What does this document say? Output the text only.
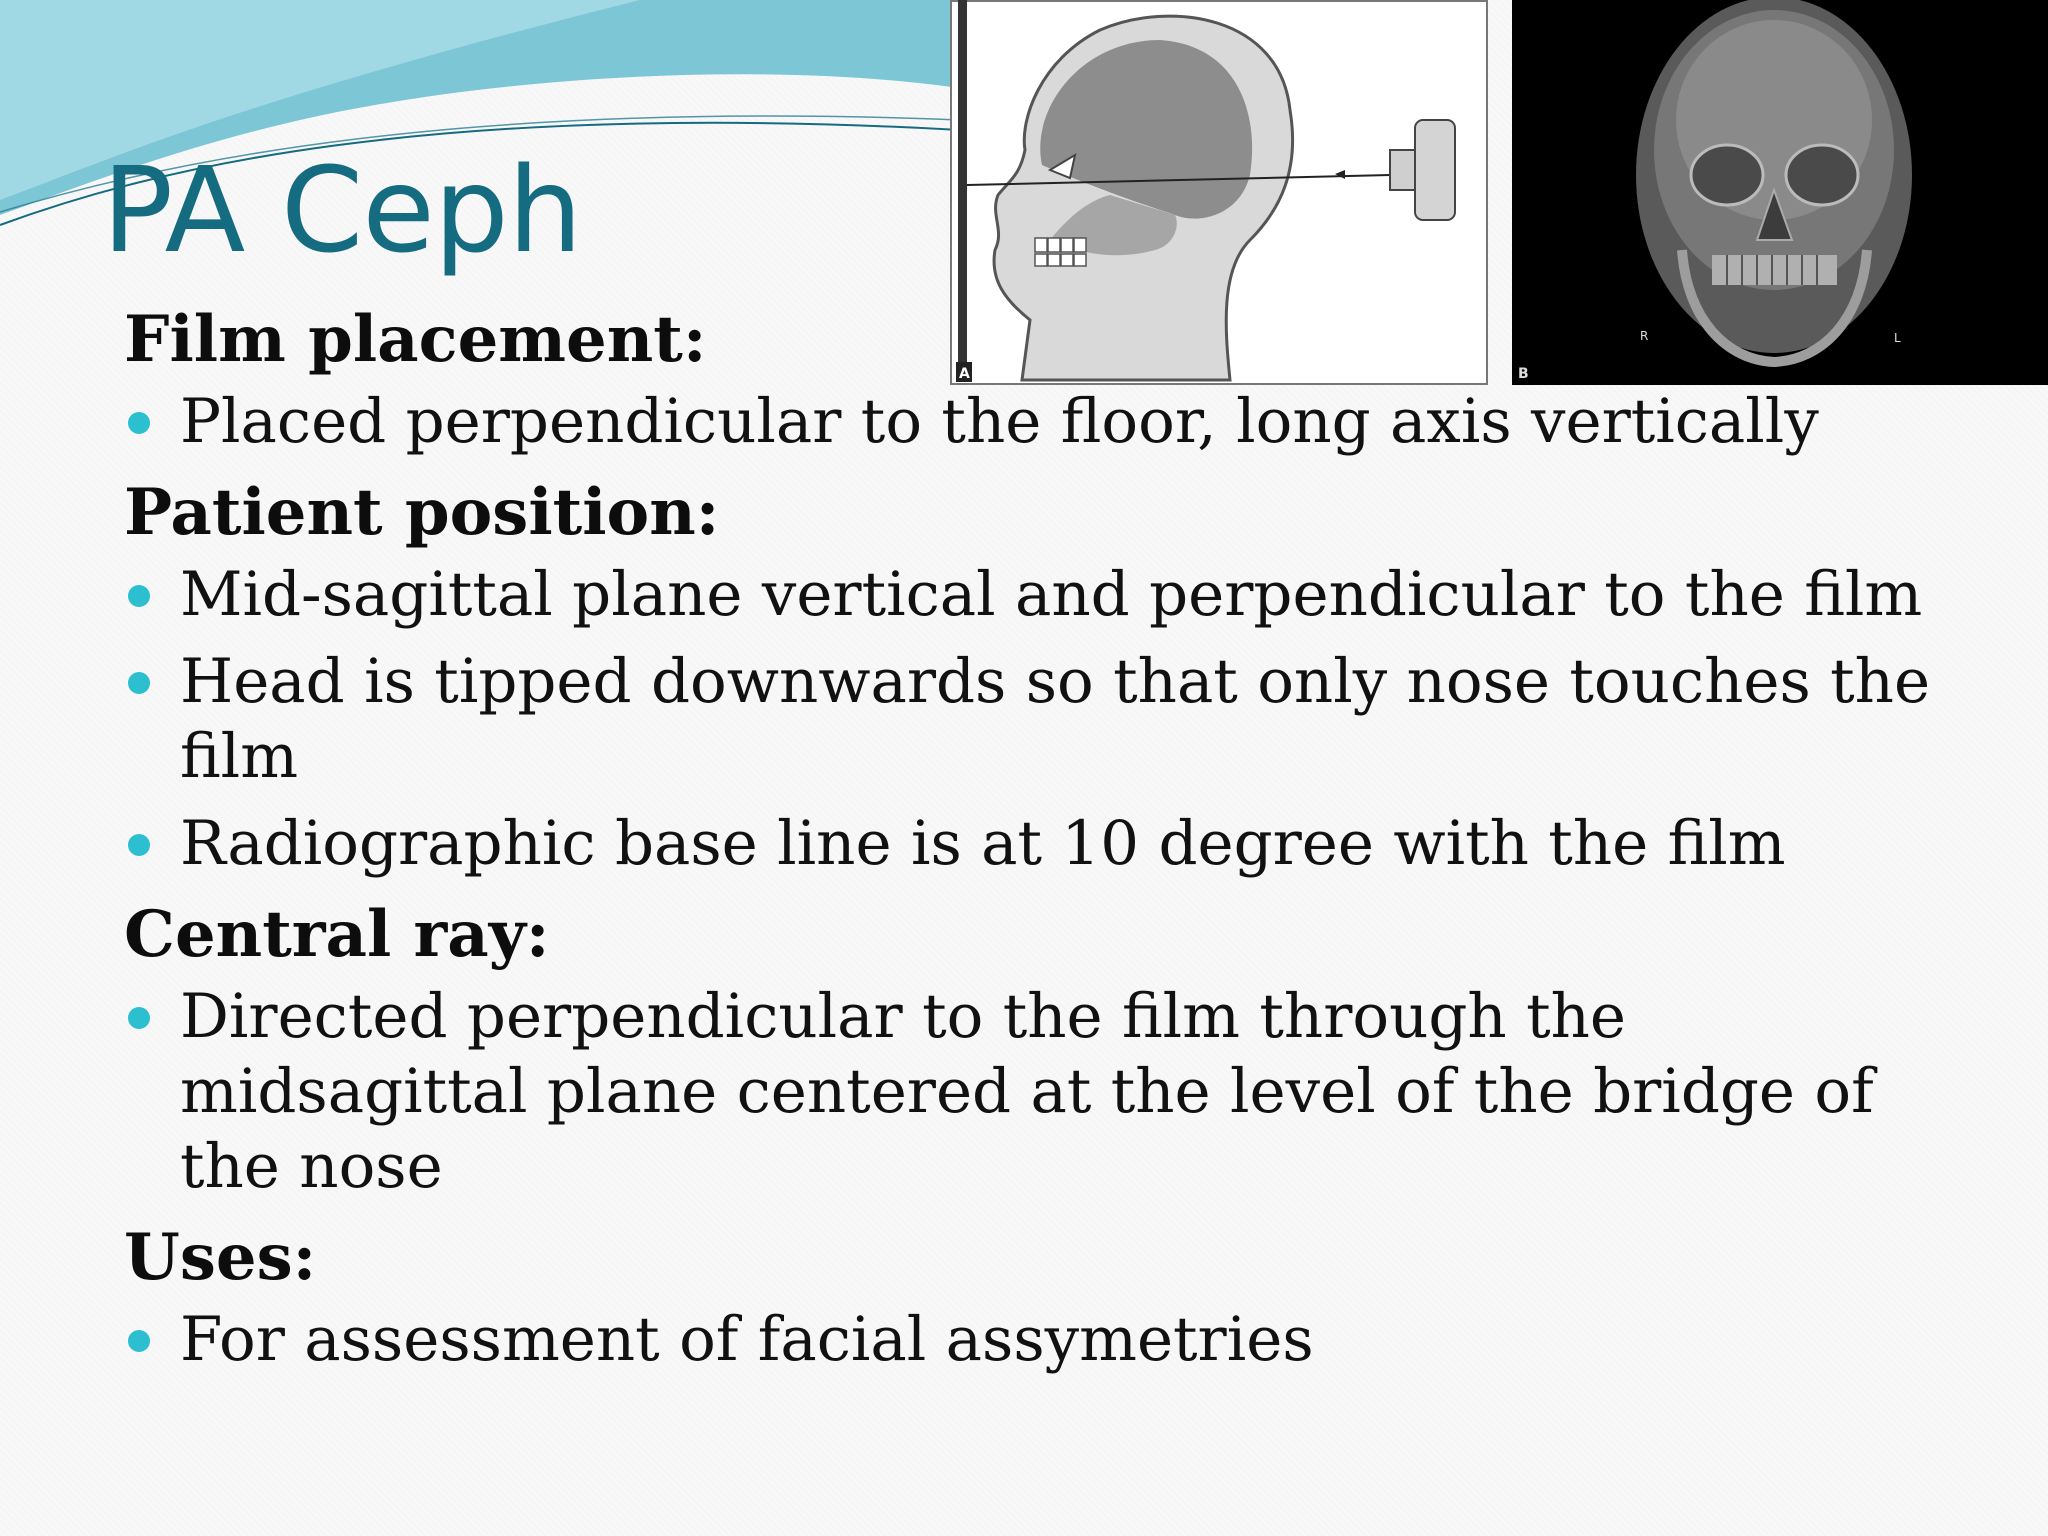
PA Ceph
A
R	L
B

Film placement:

Placed perpendicular to the floor, long axis vertically

Patient position:

Mid-sagittal plane vertical and perpendicular to the film
Head is tipped downwards so that only nose touches the film
Radiographic base line is at 10 degree with the film

Central ray:

Directed perpendicular to the film through the midsagittal plane centered at the level of the bridge of the nose

Uses:

For assessment of facial assymetries
